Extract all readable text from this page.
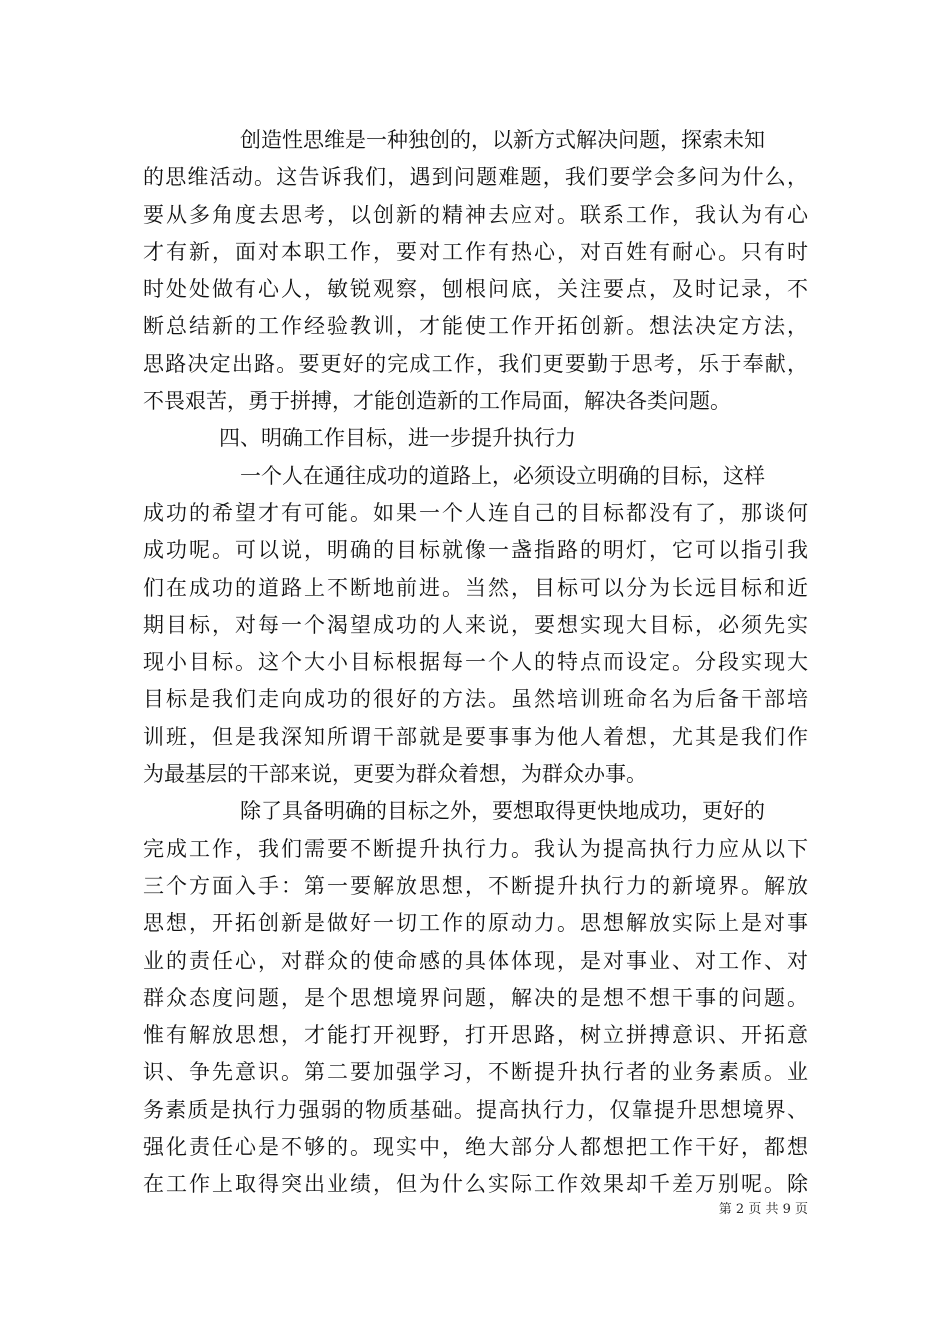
创造性思维是一种独创的，以新方式解决问题，探索未知
的思维活动。这告诉我们，遇到问题难题，我们要学会多问为什么，
要从多角度去思考，以创新的精神去应对。联系工作，我认为有心
才有新，面对本职工作，要对工作有热心，对百姓有耐心。只有时
时处处做有心人，敏锐观察，刨根问底，关注要点，及时记录，不
断总结新的工作经验教训，才能使工作开拓创新。想法决定方法，
思路决定出路。要更好的完成工作，我们更要勤于思考，乐于奉献，
不畏艰苦，勇于拼搏，才能创造新的工作局面，解决各类问题。
四、明确工作目标，进一步提升执行力
一个人在通往成功的道路上，必须设立明确的目标，这样
成功的希望才有可能。如果一个人连自己的目标都没有了，那谈何
成功呢。可以说，明确的目标就像一盏指路的明灯，它可以指引我
们在成功的道路上不断地前进。当然，目标可以分为长远目标和近
期目标，对每一个渴望成功的人来说，要想实现大目标，必须先实
现小目标。这个大小目标根据每一个人的特点而设定。分段实现大
目标是我们走向成功的很好的方法。虽然培训班命名为后备干部培
训班，但是我深知所谓干部就是要事事为他人着想，尤其是我们作
为最基层的干部来说，更要为群众着想，为群众办事。
除了具备明确的目标之外，要想取得更快地成功，更好的
完成工作，我们需要不断提升执行力。我认为提高执行力应从以下
三个方面入手：第一要解放思想，不断提升执行力的新境界。解放
思想，开拓创新是做好一切工作的原动力。思想解放实际上是对事
业的责任心，对群众的使命感的具体体现，是对事业、对工作、对
群众态度问题，是个思想境界问题，解决的是想不想干事的问题。
惟有解放思想，才能打开视野，打开思路，树立拼搏意识、开拓意
识、争先意识。第二要加强学习，不断提升执行者的业务素质。业
务素质是执行力强弱的物质基础。提高执行力，仅靠提升思想境界、
强化责任心是不够的。现实中，绝大部分人都想把工作干好，都想
在工作上取得突出业绩，但为什么实际工作效果却千差万别呢。除
第 2 页 共 9 页
